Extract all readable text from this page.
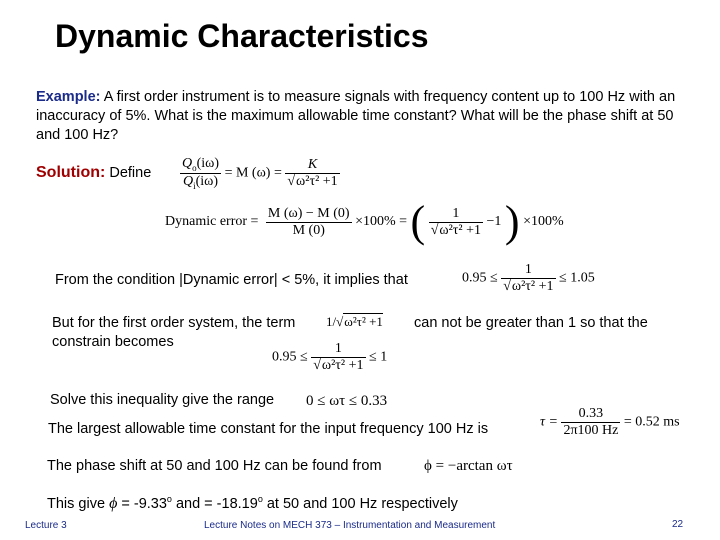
Dynamic Characteristics
Example: A first order instrument is to measure signals with frequency content up to 100 Hz with an inaccuracy of 5%. What is the maximum allowable time constant? What will be the phase shift at 50 and 100 Hz?
Solution: Define $\frac{Q_o(i\omega)}{Q_i(i\omega)} = M$ $(\omega) = \frac{K}{\text{√ω²τ² +1}}$
Dynamic error = $\frac{M (\omega) - M (0)}{M (0)} \times 100\%$ = ( $\frac{1}{\text{√ω²τ² +1}} -1$ ) ×100%
From the condition |Dynamic error| < 5%, it implies that	$0.95 \le \frac{1}{\text{√ω²τ² +1}} \le 1.05$
But for the first order system, the term 1/√ω²τ² +1 can not be greater than 1 so that the
constrain becomes
$0.95 \le \frac{1}{\text{√ω²τ² +1}} \le 1$
Solve this inequality give the range 0 ≤ ωτ ≤ 0.33
The largest allowable time constant for the input frequency 100 Hz is	$\tau = \frac{0.33}{2\pi 100 Hz} = 0.52$ ms
The phase shift at 50 and 100 Hz can be found from	ϕ = −arctan ωτ
This give $\phi = -9.33^o$ and = $-18.19^o$ at 50 and 100 Hz respectively
Lecture 3	Lecture Notes on MECH 373 – Instrumentation and Measurement	22
